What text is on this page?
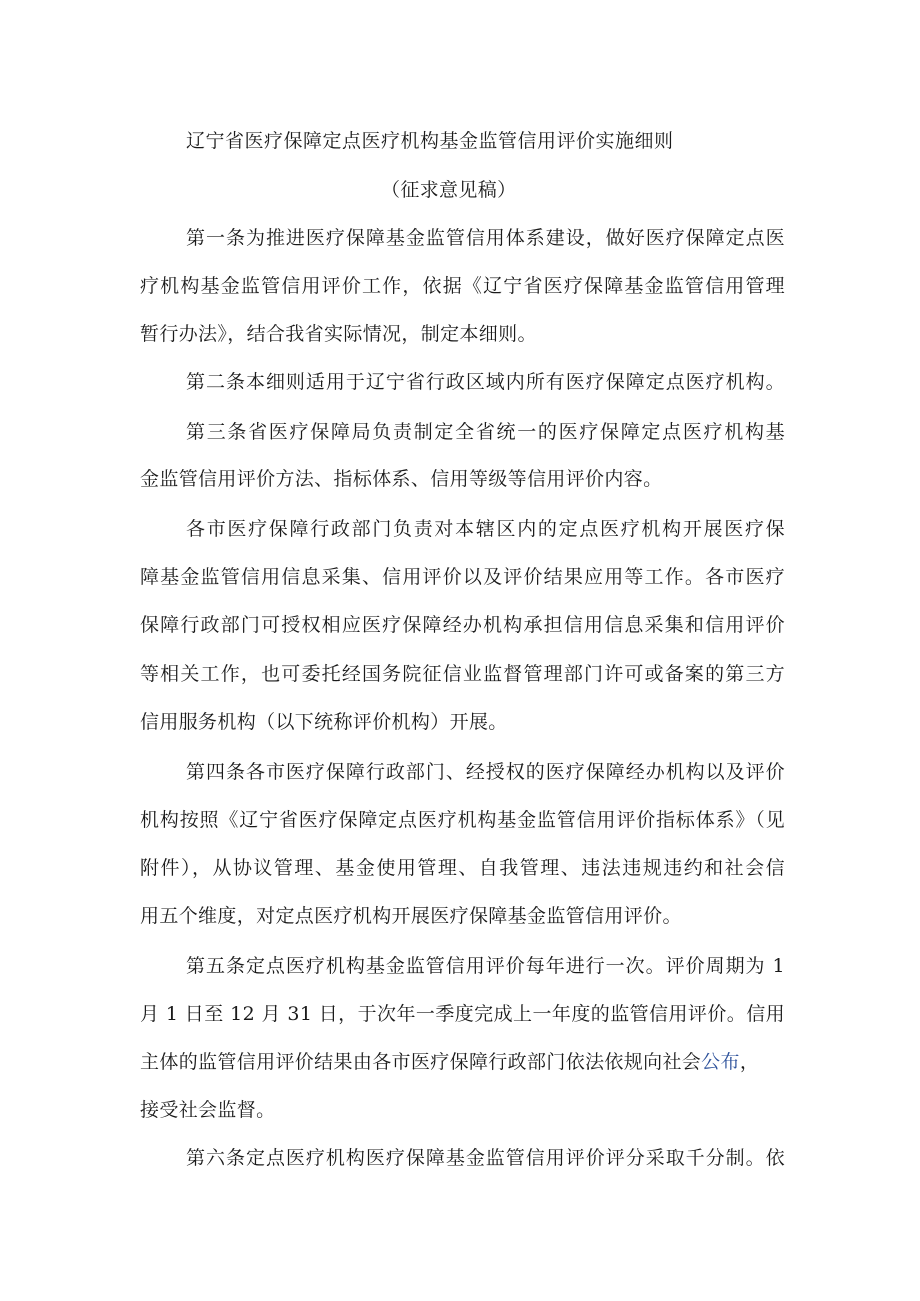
辽宁省医疗保障定点医疗机构基金监管信用评价实施细则
（征求意见稿）
第一条为推进医疗保障基金监管信用体系建设，做好医疗保障定点医
疗机构基金监管信用评价工作，依据《辽宁省医疗保障基金监管信用管理
暂行办法》，结合我省实际情况，制定本细则。
第二条本细则适用于辽宁省行政区域内所有医疗保障定点医疗机构。
第三条省医疗保障局负责制定全省统一的医疗保障定点医疗机构基
金监管信用评价方法、指标体系、信用等级等信用评价内容。
各市医疗保障行政部门负责对本辖区内的定点医疗机构开展医疗保
障基金监管信用信息采集、信用评价以及评价结果应用等工作。各市医疗
保障行政部门可授权相应医疗保障经办机构承担信用信息采集和信用评价
等相关工作，也可委托经国务院征信业监督管理部门许可或备案的第三方
信用服务机构（以下统称评价机构）开展。
第四条各市医疗保障行政部门、经授权的医疗保障经办机构以及评价
机构按照《辽宁省医疗保障定点医疗机构基金监管信用评价指标体系》（见
附件），从协议管理、基金使用管理、自我管理、违法违规违约和社会信
用五个维度，对定点医疗机构开展医疗保障基金监管信用评价。
第五条定点医疗机构基金监管信用评价每年进行一次。评价周期为 1
月 1 日至 12 月 31 日，于次年一季度完成上一年度的监管信用评价。信用
主体的监管信用评价结果由各市医疗保障行政部门依法依规向社会公布，
接受社会监督。
第六条定点医疗机构医疗保障基金监管信用评价评分采取千分制。依
